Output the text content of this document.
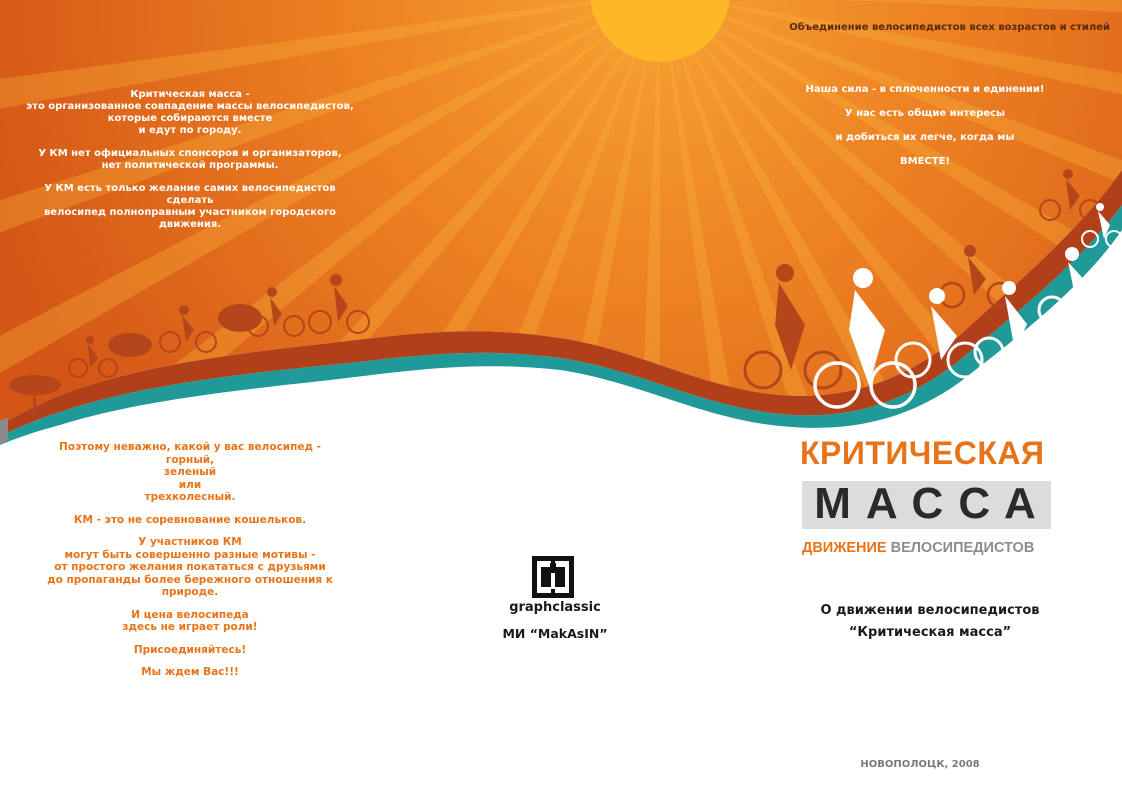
Объединение велосипедистов всех возрастов и стилей

Критическая масса -
это организованное совпадение массы велосипедистов,
которые собираются вместе
и едут по городу.

У КМ нет официальных спонсоров и организаторов,
нет политической программы.

У КМ есть только желание самих велосипедистов сделать
велосипед полноправным участником городского
движения.

Наша сила - в сплоченности и единении!

У нас есть общие интересы

и добиться их легче, когда мы

ВМЕСТЕ!

Поэтому неважно, какой у вас велосипед -
горный,
зеленый
или
трехколесный.

КМ - это не соревнование кошельков.

У участников КМ
могут быть совершенно разные мотивы -
от простого желания покататься с друзьями
до пропаганды более бережного отношения к природе.

И цена велосипеда
здесь не играет роли!

Присоединяйтесь!

Мы ждем Вас!!!

КРИТИЧЕСКАЯ
МАССА
ДВИЖЕНИЕ ВЕЛОСИПЕДИСТОВ
О движении велосипедистов
“Критическая масса”
graphclassic
МИ “MakAsIN”
НОВОПОЛОЦК, 2008
